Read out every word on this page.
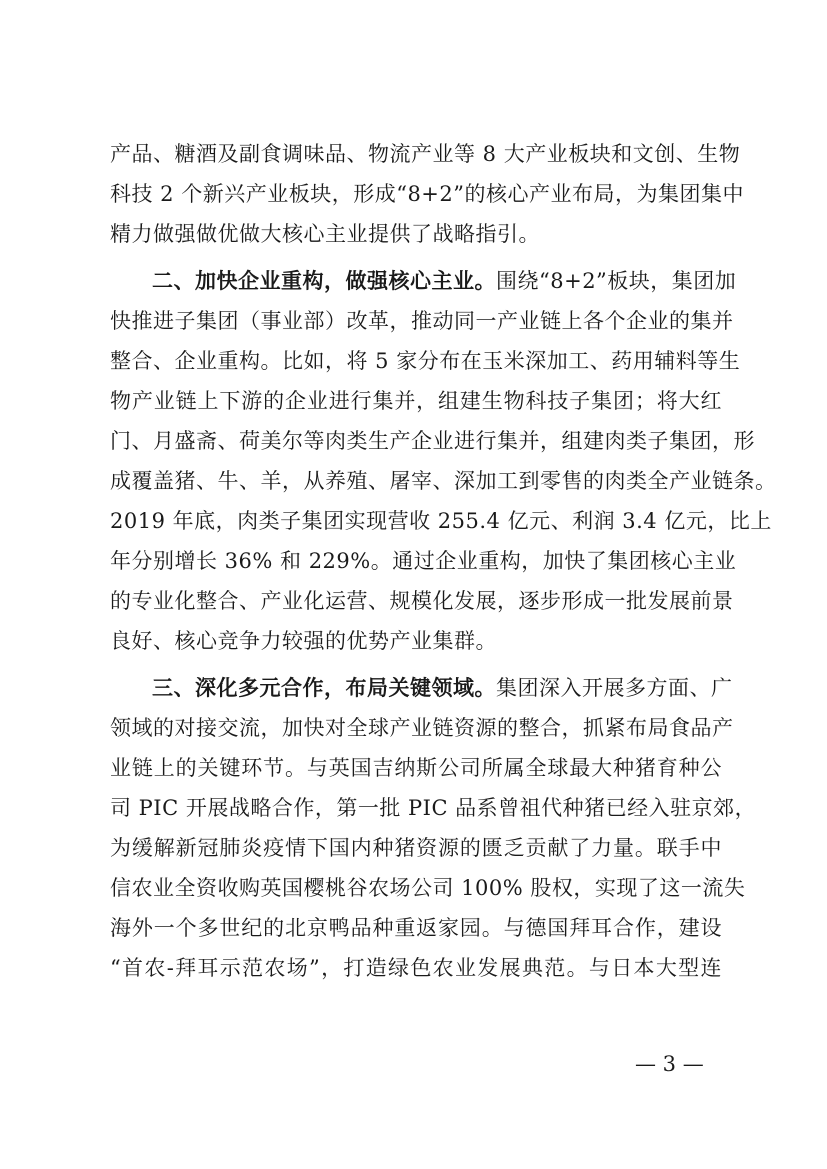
产品、糖酒及副食调味品、物流产业等 8 大产业板块和文创、生物
科技 2 个新兴产业板块，形成“8+2”的核心产业布局，为集团集中
精力做强做优做大核心主业提供了战略指引。
二、加快企业重构，做强核心主业。围绕“8+2”板块，集团加
快推进子集团（事业部）改革，推动同一产业链上各个企业的集并
整合、企业重构。比如，将 5 家分布在玉米深加工、药用辅料等生
物产业链上下游的企业进行集并，组建生物科技子集团；将大红
门、月盛斋、荷美尔等肉类生产企业进行集并，组建肉类子集团，形
成覆盖猪、牛、羊，从养殖、屠宰、深加工到零售的肉类全产业链条。
2019 年底，肉类子集团实现营收 255.4 亿元、利润 3.4 亿元，比上
年分别增长 36% 和 229%。通过企业重构，加快了集团核心主业
的专业化整合、产业化运营、规模化发展，逐步形成一批发展前景
良好、核心竞争力较强的优势产业集群。
三、深化多元合作，布局关键领域。集团深入开展多方面、广
领域的对接交流，加快对全球产业链资源的整合，抓紧布局食品产
业链上的关键环节。与英国吉纳斯公司所属全球最大种猪育种公
司 PIC 开展战略合作，第一批 PIC 品系曾祖代种猪已经入驻京郊，
为缓解新冠肺炎疫情下国内种猪资源的匮乏贡献了力量。联手中
信农业全资收购英国樱桃谷农场公司 100% 股权，实现了这一流失
海外一个多世纪的北京鸭品种重返家园。与德国拜耳合作，建设
“首农-拜耳示范农场”，打造绿色农业发展典范。与日本大型连
— 3 —
